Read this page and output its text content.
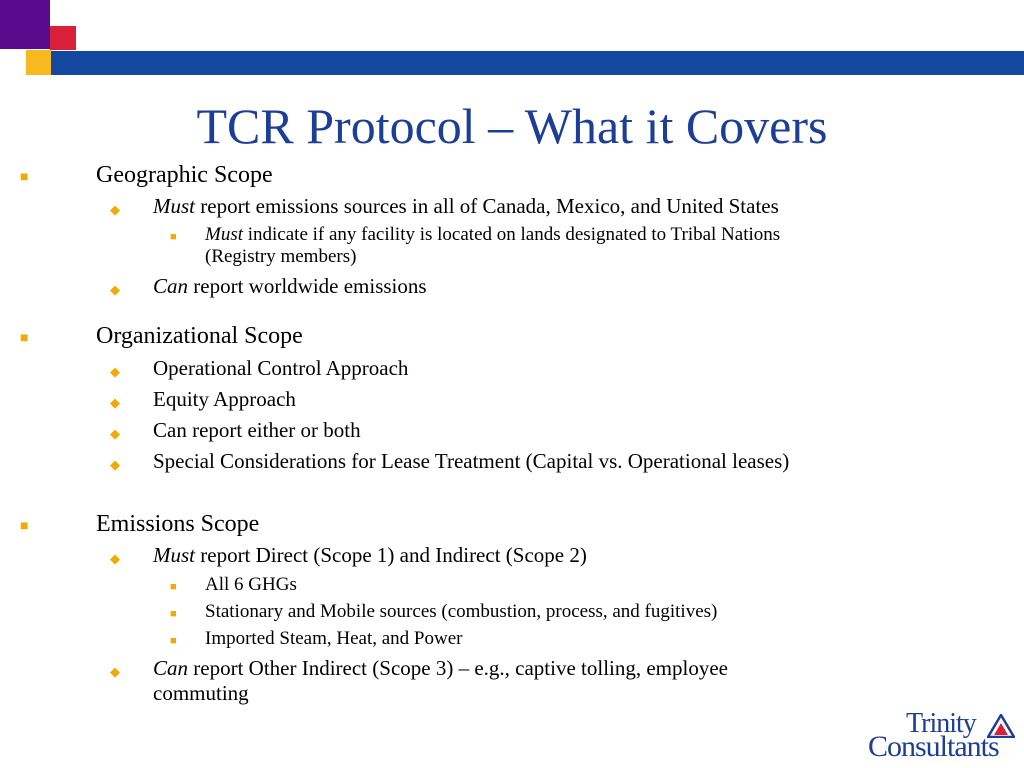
TCR Protocol – What it Covers
■	Geographic Scope
◆ Must report emissions sources in all of Canada, Mexico, and United States
■ Must indicate if any facility is located on lands designated to Tribal Nations
(Registry members)
◆ Can report worldwide emissions
■	Organizational Scope
◆ Operational Control Approach
◆ Equity Approach
◆ Can report either or both
◆ Special Considerations for Lease Treatment (Capital vs. Operational leases)
■	Emissions Scope
◆ Must report Direct (Scope 1) and Indirect (Scope 2)
■ All 6 GHGs
■ Stationary and Mobile sources (combustion, process, and fugitives)
■ Imported Steam, Heat, and Power
◆ Can report Other Indirect (Scope 3) – e.g., captive tolling, employee
commuting
Trinity
Consultants
